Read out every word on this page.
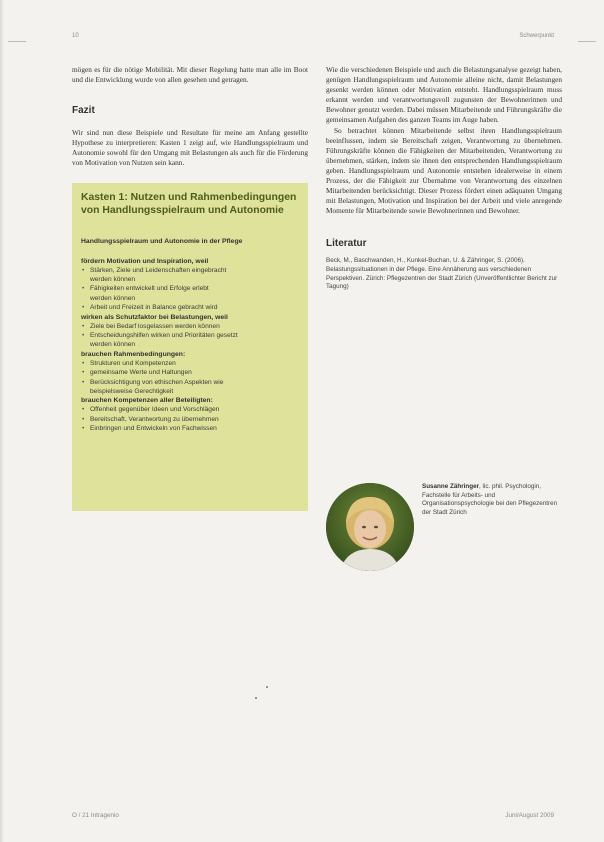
10	Schwerpunkt

mögen es für die nötige Mobilität. Mit dieser Regelung hatte man alle im Boot und die Entwicklung wurde von allen gesehen und getragen.

Fazit

Wir sind nun diese Beispiele und Resultate für meine am Anfang gestellte Hypothese zu interpretieren: Kasten 1 zeigt auf, wie Handlungsspielraum und Autonomie sowohl für den Umgang mit Belastungen als auch für die Förderung von Motivation von Nutzen sein kann.

Kasten 1: Nutzen und Rahmenbedingungen von Handlungsspielraum und Autonomie
Handlungsspielraum und Autonomie in der Pflege

fördern Motivation und Inspiration, weil

• Stärken, Ziele und Leidenschaften eingebracht
werden können
• Fähigkeiten entwickelt und Erfolge erlebt
werden können
• Arbeit und Freizeit in Balance gebracht wird

wirken als Schutzfaktor bei Belastungen, weil

• Ziele bei Bedarf losgelassen werden können
• Entscheidungshilfen wirken und Prioritäten gesetzt
werden können

brauchen Rahmenbedingungen:

• Strukturen und Kompetenzen
• gemeinsame Werte und Haltungen
• Berücksichtigung von ethischen Aspekten wie
beispielsweise Gerechtigkeit

brauchen Kompetenzen aller Beteiligten:

• Offenheit gegenüber Ideen und Vorschlägen
• Bereitschaft, Verantwortung zu übernehmen
• Einbringen und Entwickeln von Fachwissen

Wie die verschiedenen Beispiele und auch die Belastungsanalyse gezeigt haben, genügen Handlungsspielraum und Autonomie alleine nicht, damit Belastungen gesenkt werden können oder Motivation entsteht. Handlungsspielraum muss erkannt werden und verantwortungsvoll zugunsten der Bewohnerinnen und Bewohner genutzt werden. Dabei müssen Mitarbeitende und Führungskräfte die gemeinsamen Aufgaben des ganzen Teams im Auge haben.

So betrachtet können Mitarbeitende selbst ihren Handlungsspielraum beeinflussen, indem sie Bereitschaft zeigen, Verantwortung zu übernehmen. Führungskräfte können die Fähigkeiten der Mitarbeitenden, Verantwortung zu übernehmen, stärken, indem sie ihnen den entsprechenden Handlungsspielraum geben. Handlungsspielraum und Autonomie entstehen idealerweise in einem Prozess, der die Fähigkeit zur Übernahme von Verantwortung des einzelnen Mitarbeitenden berücksichtigt. Dieser Prozess fördert einen adäquaten Umgang mit Belastungen, Motivation und Inspiration bei der Arbeit und viele anregende Momente für Mitarbeitende sowie Bewohnerinnen und Bewohner.

Literatur

Beck, M., Baschwanden, H., Kunkel-Buchan, U. & Zähringer, S. (2006). Belastungssituationen in der Pflege. Eine Annäherung aus verschiedenen Perspektiven. Zürich: Pflegezentren der Stadt Zürich (Unveröffentlichter Bericht zur Tagung)

Susanne Zähringer, lic. phil. Psychologin, Fachstelle für Arbeits- und Organisationspsychologie bei den Pflegezentren der Stadt Zürich
O / 21 Intragenio	Juni/August 2009
